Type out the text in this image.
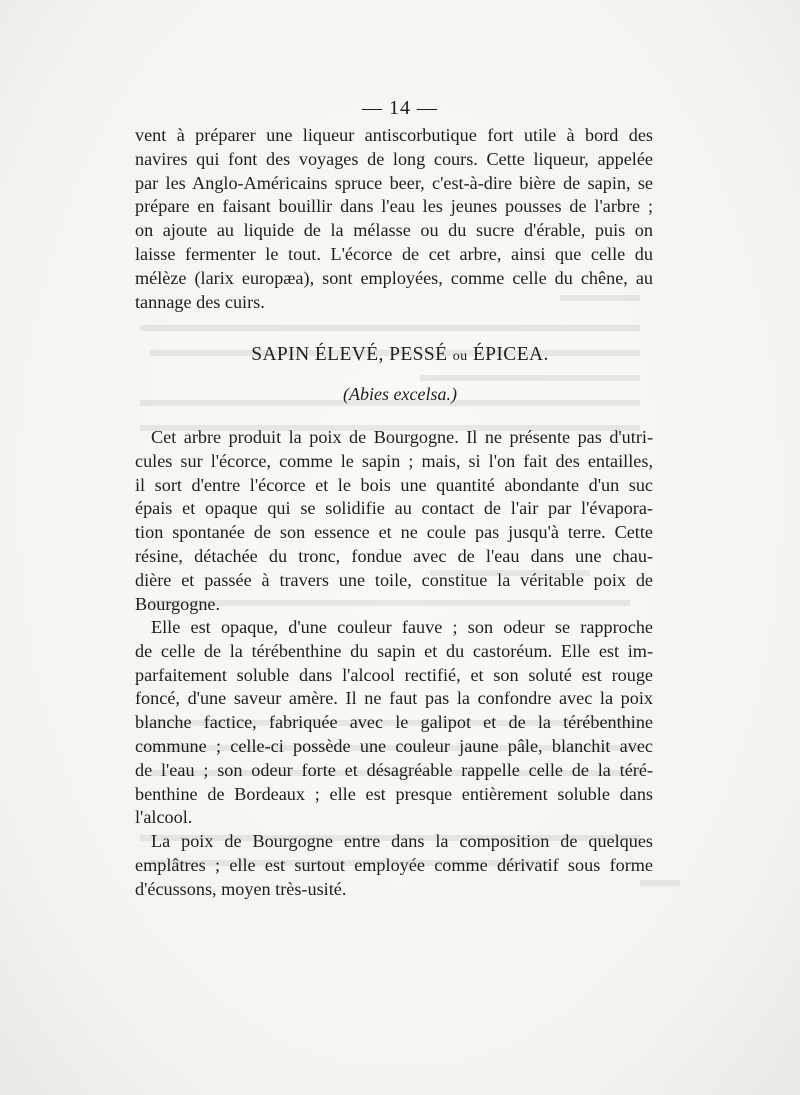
— 14 —
vent à préparer une liqueur antiscorbutique fort utile à bord des
navires qui font des voyages de long cours. Cette liqueur, appelée
par les Anglo-Américains spruce beer, c'est-à-dire bière de sapin, se
prépare en faisant bouillir dans l'eau les jeunes pousses de l'arbre ;
on ajoute au liquide de la mélasse ou du sucre d'érable, puis on
laisse fermenter le tout. L'écorce de cet arbre, ainsi que celle du
mélèze (larix europæa), sont employées, comme celle du chêne, au
tannage des cuirs.
SAPIN ÉLEVÉ, PESSÉ ou ÉPICEA.
(Abies excelsa.)
Cet arbre produit la poix de Bourgogne. Il ne présente pas d'utri-
cules sur l'écorce, comme le sapin ; mais, si l'on fait des entailles,
il sort d'entre l'écorce et le bois une quantité abondante d'un suc
épais et opaque qui se solidifie au contact de l'air par l'évapora-
tion spontanée de son essence et ne coule pas jusqu'à terre. Cette
résine, détachée du tronc, fondue avec de l'eau dans une chau-
dière et passée à travers une toile, constitue la véritable poix de
Bourgogne.
Elle est opaque, d'une couleur fauve ; son odeur se rapproche
de celle de la térébenthine du sapin et du castoréum. Elle est im-
parfaitement soluble dans l'alcool rectifié, et son soluté est rouge
foncé, d'une saveur amère. Il ne faut pas la confondre avec la poix
blanche factice, fabriquée avec le galipot et de la térébenthine
commune ; celle-ci possède une couleur jaune pâle, blanchit avec
de l'eau ; son odeur forte et désagréable rappelle celle de la téré-
benthine de Bordeaux ; elle est presque entièrement soluble dans
l'alcool.
La poix de Bourgogne entre dans la composition de quelques
emplâtres ; elle est surtout employée comme dérivatif sous forme
d'écussons, moyen très-usité.
